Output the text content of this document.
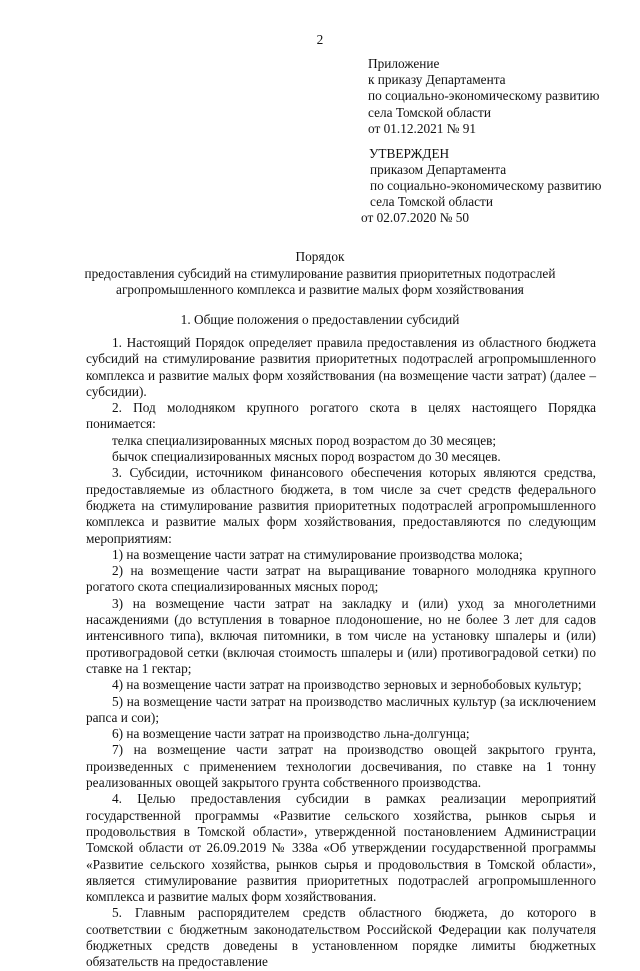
2
Приложение
к приказу Департамента
по социально-экономическому развитию
села Томской области
от 01.12.2021 № 91
УТВЕРЖДЕН
приказом Департамента
по социально-экономическому развитию
села Томской области
от 02.07.2020 № 50
Порядок
предоставления субсидий на стимулирование развития приоритетных подотраслей
агропромышленного комплекса и развитие малых форм хозяйствования
1. Общие положения о предоставлении субсидий
1. Настоящий Порядок определяет правила предоставления из областного бюджета субсидий на стимулирование развития приоритетных подотраслей агропромышленного комплекса и развитие малых форм хозяйствования (на возмещение части затрат) (далее – субсидии).
2. Под молодняком крупного рогатого скота в целях настоящего Порядка понимается:
телка специализированных мясных пород возрастом до 30 месяцев;
бычок специализированных мясных пород возрастом до 30 месяцев.
3. Субсидии, источником финансового обеспечения которых являются средства, предоставляемые из областного бюджета, в том числе за счет средств федерального бюджета на стимулирование развития приоритетных подотраслей агропромышленного комплекса и развитие малых форм хозяйствования, предоставляются по следующим мероприятиям:
1) на возмещение части затрат на стимулирование производства молока;
2) на возмещение части затрат на выращивание товарного молодняка крупного рогатого скота специализированных мясных пород;
3) на возмещение части затрат на закладку и (или) уход за многолетними насаждениями (до вступления в товарное плодоношение, но не более 3 лет для садов интенсивного типа), включая питомники, в том числе на установку шпалеры и (или) противоградовой сетки (включая стоимость шпалеры и (или) противоградовой сетки) по ставке на 1 гектар;
4) на возмещение части затрат на производство зерновых и зернобобовых культур;
5) на возмещение части затрат на производство масличных культур (за исключением рапса и сои);
6) на возмещение части затрат на производство льна-долгунца;
7) на возмещение части затрат на производство овощей закрытого грунта, произведенных с применением технологии досвечивания, по ставке на 1 тонну реализованных овощей закрытого грунта собственного производства.
4. Целью предоставления субсидии в рамках реализации мероприятий государственной программы «Развитие сельского хозяйства, рынков сырья и продовольствия в Томской области», утвержденной постановлением Администрации Томской области от 26.09.2019 № 338а «Об утверждении государственной программы «Развитие сельского хозяйства, рынков сырья и продовольствия в Томской области», является стимулирование развития приоритетных подотраслей агропромышленного комплекса и развитие малых форм хозяйствования.
5. Главным распорядителем средств областного бюджета, до которого в соответствии с бюджетным законодательством Российской Федерации как получателя бюджетных средств доведены в установленном порядке лимиты бюджетных обязательств на предоставление
